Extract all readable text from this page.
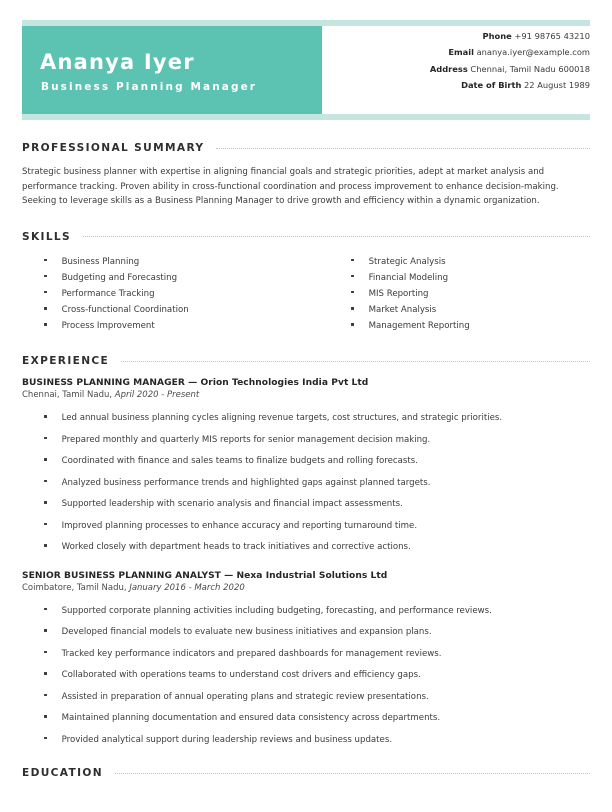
Ananya Iyer
Business Planning Manager
Phone +91 98765 43210
Email ananya.iyer@example.com
Address Chennai, Tamil Nadu 600018
Date of Birth 22 August 1989
PROFESSIONAL SUMMARY
Strategic business planner with expertise in aligning financial goals and strategic priorities, adept at market analysis and performance tracking. Proven ability in cross-functional coordination and process improvement to enhance decision-making. Seeking to leverage skills as a Business Planning Manager to drive growth and efficiency within a dynamic organization.
SKILLS
Business Planning
Budgeting and Forecasting
Performance Tracking
Cross-functional Coordination
Process Improvement
Strategic Analysis
Financial Modeling
MIS Reporting
Market Analysis
Management Reporting
EXPERIENCE
BUSINESS PLANNING MANAGER — Orion Technologies India Pvt Ltd
Chennai, Tamil Nadu, April 2020 - Present
Led annual business planning cycles aligning revenue targets, cost structures, and strategic priorities.
Prepared monthly and quarterly MIS reports for senior management decision making.
Coordinated with finance and sales teams to finalize budgets and rolling forecasts.
Analyzed business performance trends and highlighted gaps against planned targets.
Supported leadership with scenario analysis and financial impact assessments.
Improved planning processes to enhance accuracy and reporting turnaround time.
Worked closely with department heads to track initiatives and corrective actions.
SENIOR BUSINESS PLANNING ANALYST — Nexa Industrial Solutions Ltd
Coimbatore, Tamil Nadu, January 2016 - March 2020
Supported corporate planning activities including budgeting, forecasting, and performance reviews.
Developed financial models to evaluate new business initiatives and expansion plans.
Tracked key performance indicators and prepared dashboards for management reviews.
Collaborated with operations teams to understand cost drivers and efficiency gaps.
Assisted in preparation of annual operating plans and strategic review presentations.
Maintained planning documentation and ensured data consistency across departments.
Provided analytical support during leadership reviews and business updates.
EDUCATION
